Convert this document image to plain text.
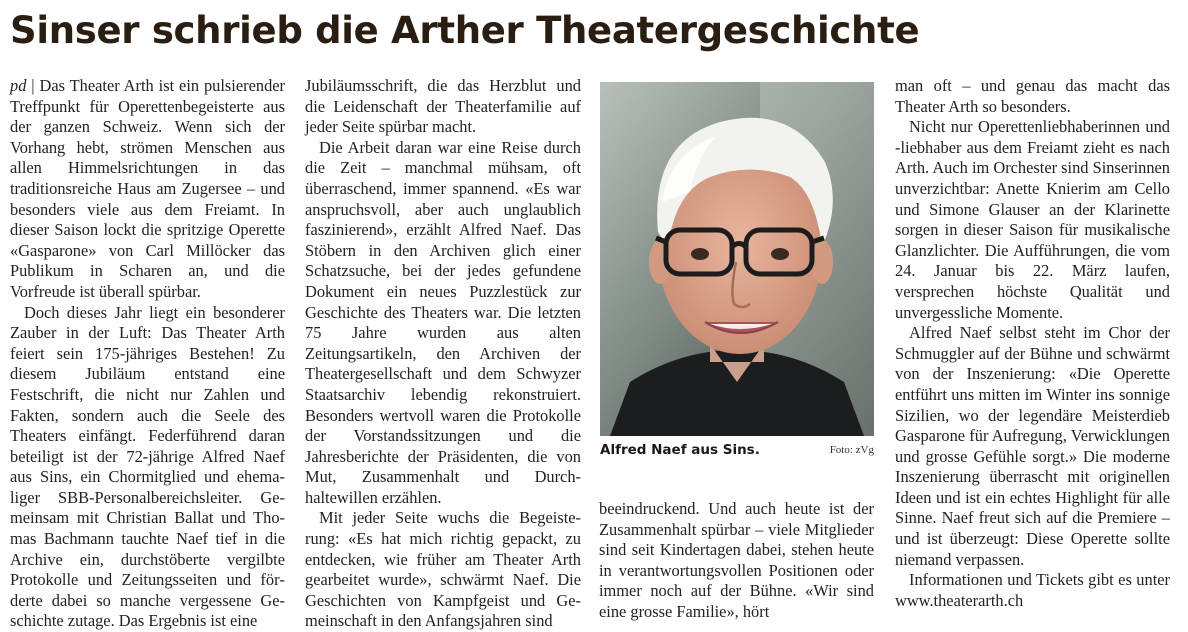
Sinser schrieb die Arther Theatergeschichte

pd | Das Theater Arth ist ein pulsierender Treffpunkt für Operettenbegeisterte aus der ganzen Schweiz. Wenn sich der Vorhang hebt, strömen Menschen aus allen Himmelsrichtungen in das traditionsreiche Haus am Zugersee – und besonders viele aus dem Freiamt. In dieser Saison lockt die spritzige Operette «Gasparone» von Carl Millöcker das Publikum in Scharen an, und die Vorfreude ist überall spürbar.

Doch dieses Jahr liegt ein besonderer Zauber in der Luft: Das Theater Arth feiert sein 175-jähriges Bestehen! Zu diesem Jubiläum entstand eine Festschrift, die nicht nur Zahlen und Fakten, sondern auch die Seele des Theaters einfängt. Federführend daran beteiligt ist der 72-jährige Alfred Naef aus Sins, ein Chormitglied und ehemaliger SBB-Personalbereichsleiter. Gemeinsam mit Christian Ballat und Thomas Bachmann tauchte Naef tief in die Archive ein, durchstöberte vergilbte Protokolle und Zeitungsseiten und förderte dabei so manche vergessene Geschichte zutage. Das Ergebnis ist eine

Jubiläumsschrift, die das Herzblut und die Leidenschaft der Theaterfamilie auf jeder Seite spürbar macht.

Die Arbeit daran war eine Reise durch die Zeit – manchmal mühsam, oft überraschend, immer spannend. «Es war anspruchsvoll, aber auch unglaublich faszinierend», erzählt Alfred Naef. Das Stöbern in den Archiven glich einer Schatzsuche, bei der jedes gefundene Dokument ein neues Puzzlestück zur Geschichte des Theaters war. Die letzten 75 Jahre wurden aus alten Zeitungsartikeln, den Archiven der Theatergesellschaft und dem Schwyzer Staatsarchiv lebendig rekonstruiert. Besonders wertvoll waren die Protokolle der Vorstandssitzungen und die Jahresberichte der Präsidenten, die von Mut, Zusammenhalt und Durchhaltewillen erzählen.

Mit jeder Seite wuchs die Begeisterung: «Es hat mich richtig gepackt, zu entdecken, wie früher am Theater Arth gearbeitet wurde», schwärmt Naef. Die Geschichten von Kampfgeist und Gemeinschaft in den Anfangsjahren sind

Alfred Naef aus Sins.	Foto: zVg

beeindruckend. Und auch heute ist der Zusammenhalt spürbar – viele Mitglieder sind seit Kindertagen dabei, stehen heute in verantwortungsvollen Positionen oder immer noch auf der Bühne. «Wir sind eine grosse Familie», hört

man oft – und genau das macht das Theater Arth so besonders.

Nicht nur Operettenliebhaberinnen und -liebhaber aus dem Freiamt zieht es nach Arth. Auch im Orchester sind Sinserinnen unverzichtbar: Anette Knierim am Cello und Simone Glauser an der Klarinette sorgen in dieser Saison für musikalische Glanzlichter. Die Aufführungen, die vom 24. Januar bis 22. März laufen, versprechen höchste Qualität und unvergessliche Momente.

Alfred Naef selbst steht im Chor der Schmuggler auf der Bühne und schwärmt von der Inszenierung: «Die Operette entführt uns mitten im Winter ins sonnige Sizilien, wo der legendäre Meisterdieb Gasparone für Aufregung, Verwicklungen und grosse Gefühle sorgt.» Die moderne Inszenierung überrascht mit originellen Ideen und ist ein echtes Highlight für alle Sinne. Naef freut sich auf die Premiere – und ist überzeugt: Diese Operette sollte niemand verpassen.

Informationen und Tickets gibt es unter www.theaterarth.ch
